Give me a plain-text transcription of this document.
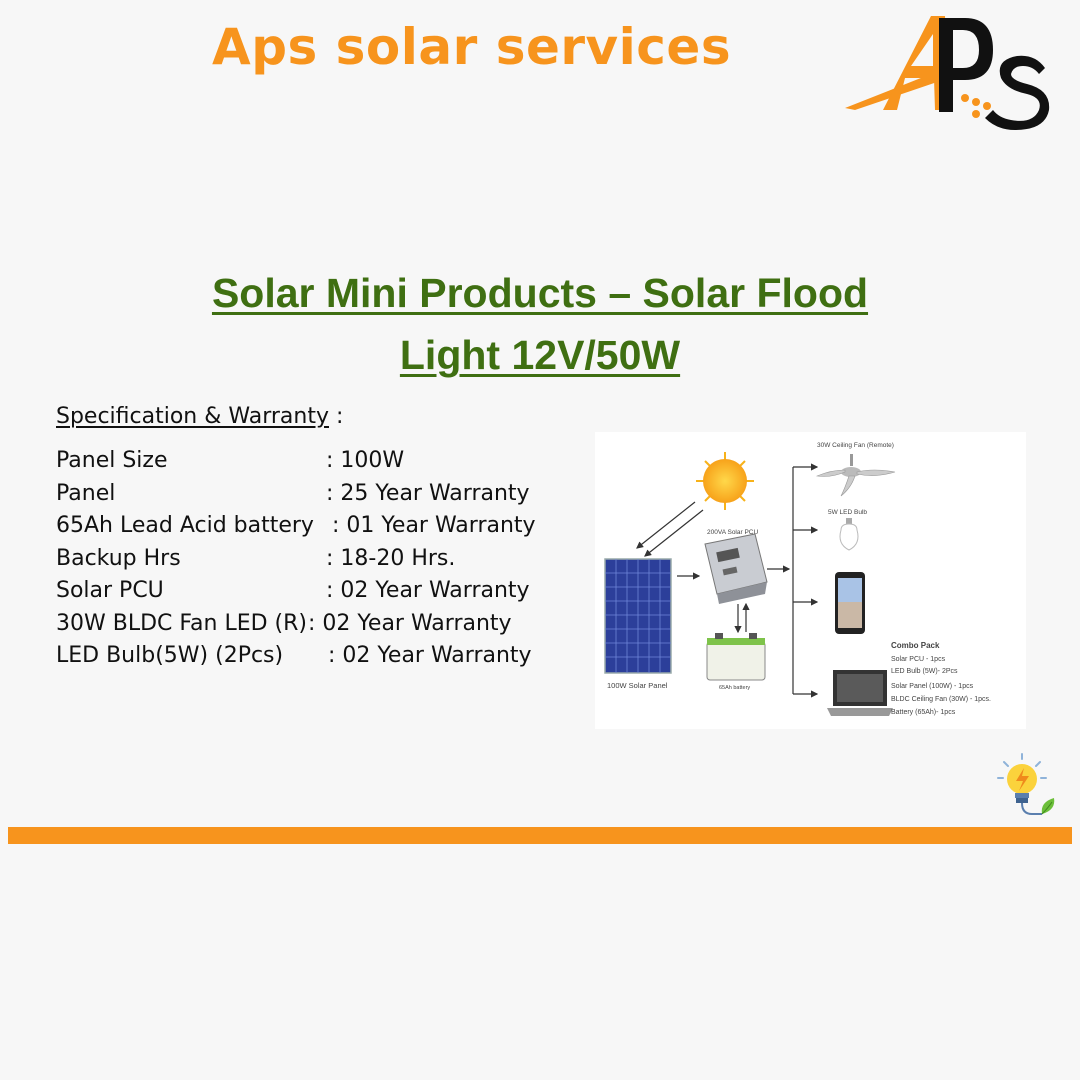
Aps solar services
Solar Mini Products – Solar Flood
Light 12V/50W

Specification & Warranty :

Panel Size	: 100W
Panel	: 25 Year Warranty
65Ah Lead Acid battery : 01 Year Warranty
Backup Hrs	: 18-20 Hrs.
Solar PCU	: 02 Year Warranty
30W BLDC Fan LED (R) : 02 Year Warranty
LED Bulb(5W) (2Pcs) : 02 Year Warranty
100W Solar Panel
200VA Solar PCU
65Ah battery
30W Ceiling Fan (Remote)
5W LED Bulb
Combo Pack
Solar PCU - 1pcs
LED Bulb (5W)- 2Pcs
Solar Panel (100W) - 1pcs
BLDC Ceiling Fan (30W) - 1pcs.
Battery (65Ah)- 1pcs
